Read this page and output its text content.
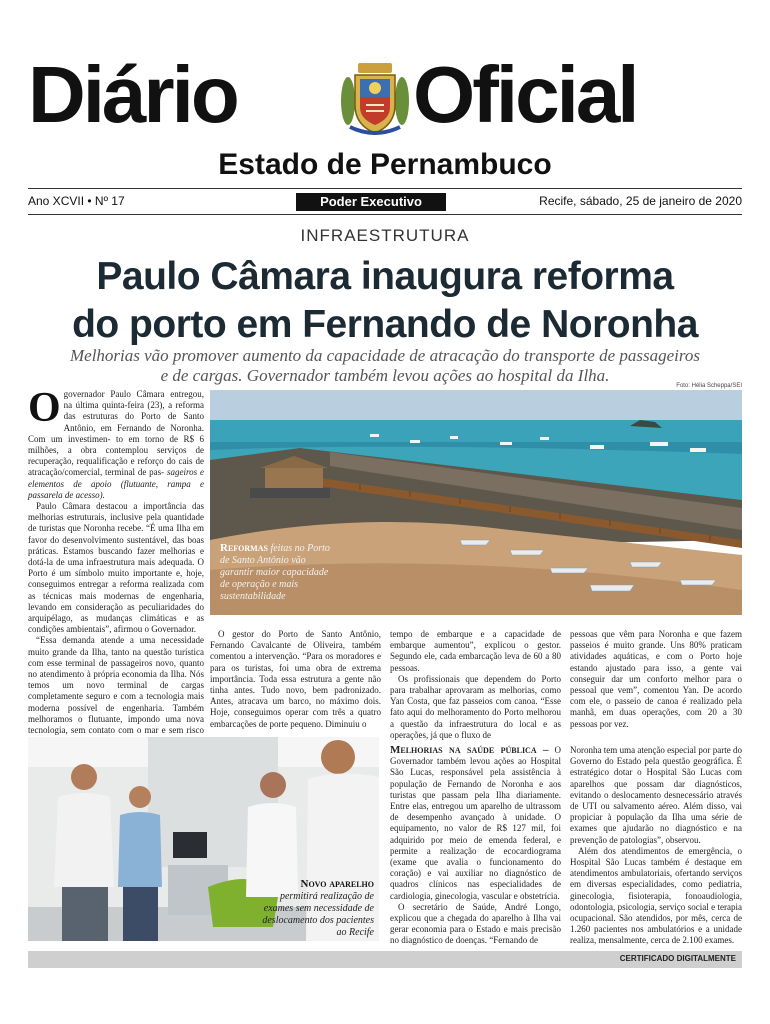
Diário Oficial
Estado de Pernambuco
Ano XCVII • Nº 17	Poder Executivo	Recife, sábado, 25 de janeiro de 2020
INFRAESTRUTURA
Paulo Câmara inaugura reforma
do porto em Fernando de Noronha
Melhorias vão promover aumento da capacidade de atracação do transporte de passageiros
e de cargas. Governador também levou ações ao hospital da Ilha.
Foto: Hélia Scheppa/SEI

O governador Paulo Câmara entregou, na última quinta-feira (23), a reforma das estruturas do Porto de Santo Antônio, em Fernando de Noronha. Com um investimen- to em torno de R$ 6 milhões, a obra contemplou serviços de recuperação, requalificação e reforço do cais de atracação/comercial, terminal de pas- sageiros e elementos de apoio (flutuante, rampa e passarela de acesso).

Paulo Câmara destacou a importância das melhorias estruturais, inclusive pela quantidade de turistas que Noronha recebe. “É uma Ilha em favor do desenvolvimento sustentável, das boas práticas. Estamos buscando fazer melhorias e dotá-la de uma infraestrutura mais adequada. O Porto é um símbolo muito importante e, hoje, conseguimos entregar a reforma realizada com as técnicas mais modernas de engenharia, levando em consideração as peculiaridades do arquipélago, as mudanças climáticas e as condições ambientais”, afirmou o Governador.

“Essa demanda atende a uma necessidade muito grande da Ilha, tanto na questão turística com esse terminal de passageiros novo, quanto no atendimento à própria economia da Ilha. Nós temos um novo terminal de cargas completamente seguro e com a tecnologia mais moderna possível de engenharia. Também melhoramos o flutuante, impondo uma nova tecnologia, sem contato com o mar e sem risco

Reformas feitas no Porto de Santo Antônio vão garantir maior capacidade de operação e mais sustentabilidade

O gestor do Porto de Santo Antônio, Fernando Cavalcante de Oliveira, também comentou a intervenção. “Para os moradores e para os turistas, foi uma obra de extrema importância. Toda essa estrutura a gente não tinha antes. Tudo novo, bem padronizado. Antes, atracava um barco, no máximo dois. Hoje, conseguimos operar com três a quatro embarcações de porte pequeno. Diminuiu o

tempo de embarque e a capacidade de embarque aumentou”, explicou o gestor. Segundo ele, cada embarcação leva de 60 a 80 pessoas.

Os profissionais que dependem do Porto para trabalhar aprovaram as melhorias, como Yan Costa, que faz passeios com canoa. “Esse fato aqui do melhoramento do Porto melhorou a questão da infraestrutura do local e as operações, já que o fluxo de

pessoas que vêm para Noronha e que fazem passeios é muito grande. Uns 80% praticam atividades aquáticas, e com o Porto hoje estando ajustado para isso, a gente vai conseguir dar um conforto melhor para o pessoal que vem”, comentou Yan. De acordo com ele, o passeio de canoa é realizado pela manhã, em duas operações, com 20 a 30 pessoas por vez.

Novo aparelho
permitirá realização de exames sem necessidade de deslocamento dos pacientes ao Recife

Melhorias na saúde pública – O Governador também levou ações ao Hospital São Lucas, responsável pela assistência à população de Fernando de Noronha e aos turistas que passam pela Ilha diariamente. Entre elas, entregou um aparelho de ultrassom de desempenho avançado à unidade. O equipamento, no valor de R$ 127 mil, foi adquirido por meio de emenda federal, e permite a realização de ecocardiograma (exame que avalia o funcionamento do coração) e vai auxiliar no diagnóstico de quadros clínicos nas especialidades de cardiologia, ginecologia, vascular e obstetrícia.

O secretário de Saúde, André Longo, explicou que a chegada do aparelho à Ilha vai gerar economia para o Estado e mais precisão no diagnóstico de doenças. “Fernando de

Noronha tem uma atenção especial por parte do Governo do Estado pela questão geográfica. É estratégico dotar o Hospital São Lucas com aparelhos que possam dar diagnósticos, evitando o deslocamento desnecessário através de UTI ou salvamento aéreo. Além disso, vai propiciar à população da Ilha uma série de exames que ajudarão no diagnóstico e na prevenção de patologias”, observou.

Além dos atendimentos de emergência, o Hospital São Lucas também é destaque em atendimentos ambulatoriais, ofertando serviços em diversas especialidades, como pediatria, ginecologia, fisioterapia, fonoaudiologia, odontologia, psicologia, serviço social e terapia ocupacional. São atendidos, por mês, cerca de 1.260 pacientes nos ambulatórios e a unidade realiza, mensalmente, cerca de 2.100 exames.

CERTIFICADO DIGITALMENTE
